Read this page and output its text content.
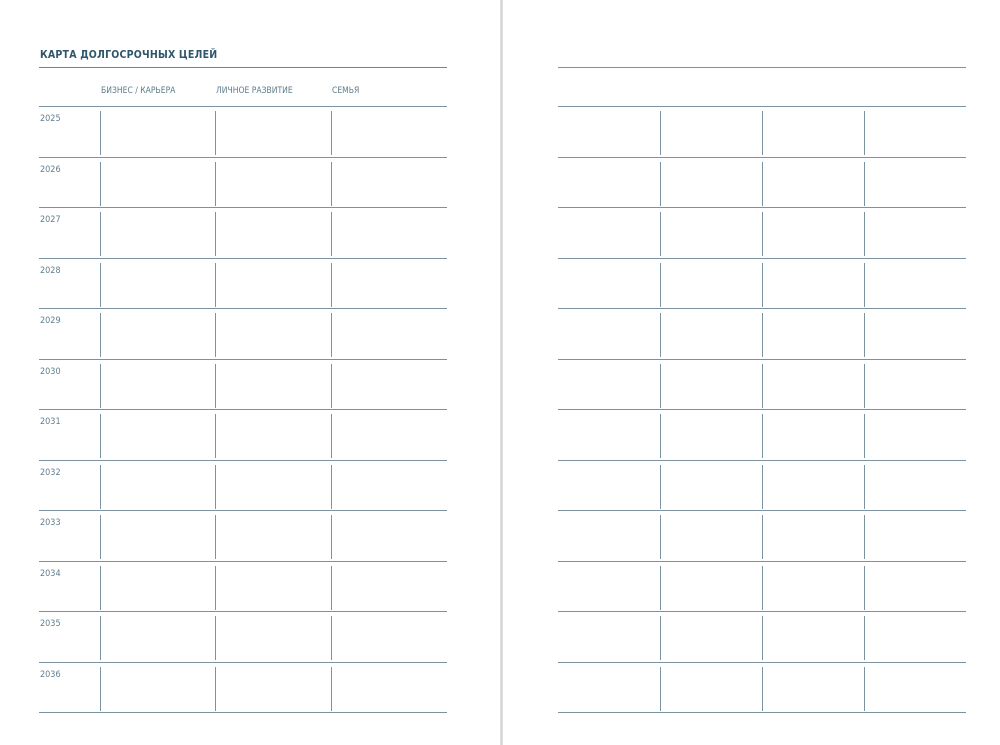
КАРТА ДОЛГОСРОЧНЫХ ЦЕЛЕЙ
БИЗНЕС / КАРЬЕРА	ЛИЧНОЕ РАЗВИТИЕ	СЕМЬЯ
2025
2026
2027
2028
2029
2030
2031
2032
2033
2034
2035
2036
